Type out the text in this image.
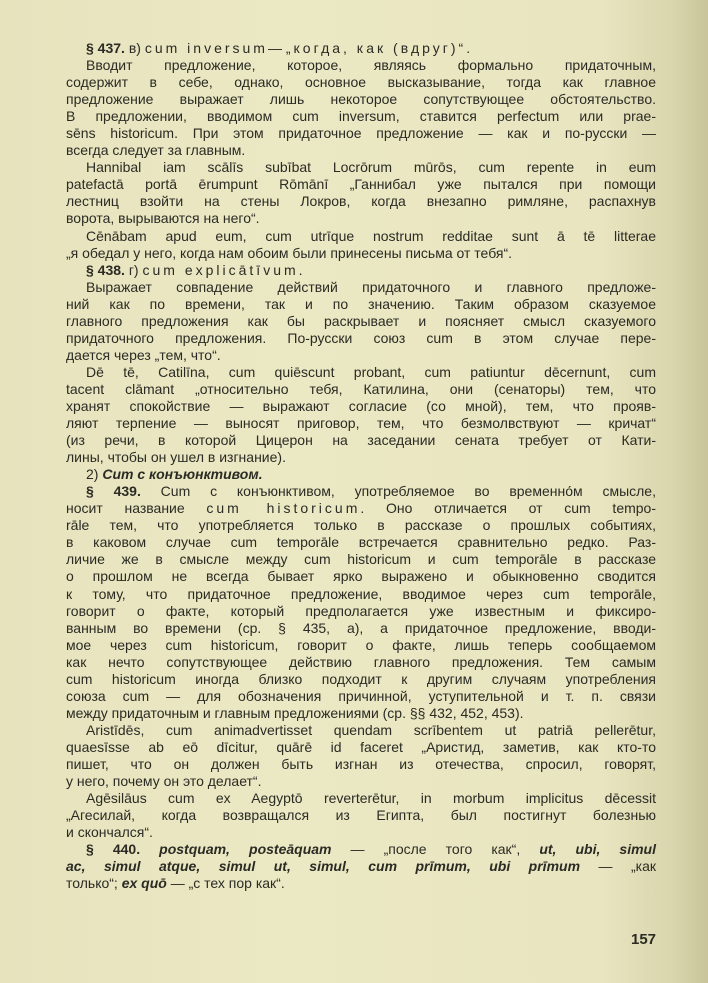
§ 437. в) cum inversum— „когда, как (вдруг)“.
Вводит предложение, которое, являясь формально придаточным,
содержит в себе, однако, основное высказывание, тогда как главное
предложение выражает лишь некоторое сопутствующее обстоятельство.
В предложении, вводимом cum inversum, ставится perfectum или prae-
sēns historicum. При этом придаточное предложение — как и по-русски —
всегда следует за главным.
Hannibal iam scālīs subībat Locrōrum mūrōs, cum repente in eum
patefactā portā ērumpunt Rōmānī „Ганнибал уже пытался при помощи
лестниц взойти на стены Локров, когда внезапно римляне, распахнув
ворота, вырываются на него“.
Cēnābam apud eum, cum utrīque nostrum redditae sunt ā tē litterae
„я обедал у него, когда нам обоим были принесены письма от тебя“.
§ 438. г) cum explicātīvum.
Выражает совпадение действий придаточного и главного предложе-
ний как по времени, так и по значению. Таким образом сказуемое
главного предложения как бы раскрывает и поясняет смысл сказуемого
придаточного предложения. По-русски союз cum в этом случае пере-
дается через „тем, что“.
Dē tē, Catilīna, cum quiēscunt probant, cum patiuntur dēcernunt, cum
tacent clāmant „относительно тебя, Катилина, они (сенаторы) тем, что
хранят спокойствие — выражают согласие (со мной), тем, что прояв-
ляют терпение — выносят приговор, тем, что безмолвствуют — кричат“
(из речи, в которой Цицерон на заседании сената требует от Кати-
лины, чтобы он ушел в изгнание).
2) Cum с конъюнктивом.
§ 439. Cum с конъюнктивом, употребляемое во временно́м смысле,
носит название cum historicum. Оно отличается от cum tempo-
rāle тем, что употребляется только в рассказе о прошлых событиях,
в каковом случае cum temporāle встречается сравнительно редко. Раз-
личие же в смысле между cum historicum и cum temporāle в рассказе
о прошлом не всегда бывает ярко выражено и обыкновенно сводится
к тому, что придаточное предложение, вводимое через cum temporāle,
говорит о факте, который предполагается уже известным и фиксиро-
ванным во времени (ср. § 435, а), а придаточное предложение, вводи-
мое через cum historicum, говорит о факте, лишь теперь сообщаемом
как нечто сопутствующее действию главного предложения. Тем самым
cum historicum иногда близко подходит к другим случаям употребления
союза cum — для обозначения причинной, уступительной и т. п. связи
между придаточным и главным предложениями (ср. §§ 432, 452, 453).
Aristīdēs, cum animadvertisset quendam scrībentem ut patriā pellerētur,
quaesīsse ab eō dīcitur, quārē id faceret „Аристид, заметив, как кто-то
пишет, что он должен быть изгнан из отечества, спросил, говорят,
у него, почему он это делает“.
Agēsilāus cum ex Aegyptō reverterētur, in morbum implicitus dēcessit
„Агесилай, когда возвращался из Египта, был постигнут болезнью
и скончался“.
§ 440. postquam, posteāquam — „после того как“, ut, ubi, simul
ac, simul atque, simul ut, simul, cum prīmum, ubi prīmum — „как
только“; ex quō — „с тех пор как“.
157
